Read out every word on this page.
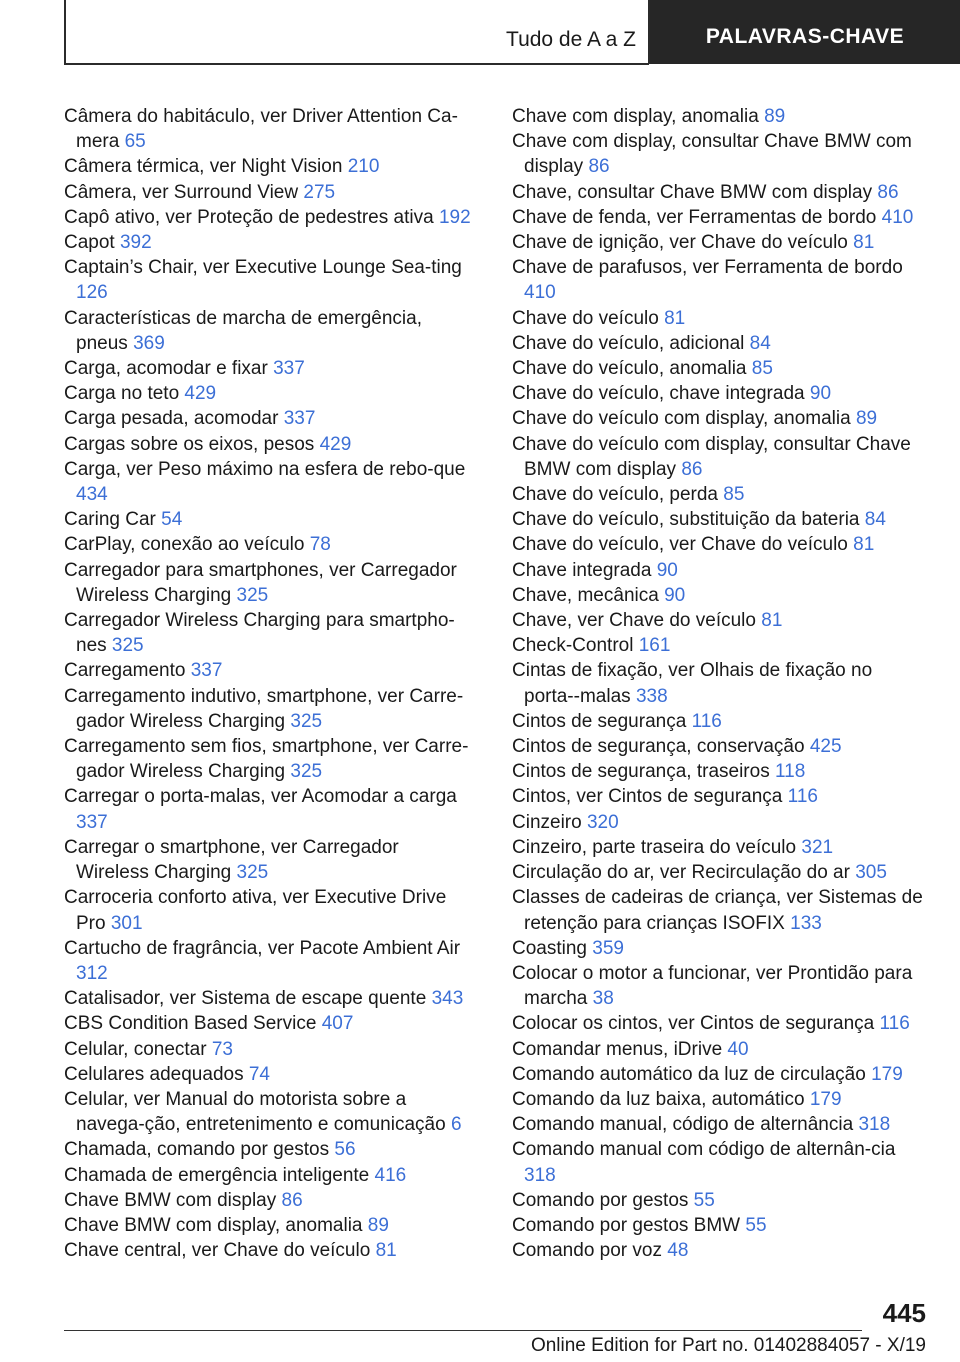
Tudo de A a Z	PALAVRAS-CHAVE
Câmera do habitáculo, ver Driver Attention Ca-mera 65
Câmera térmica, ver Night Vision 210
Câmera, ver Surround View 275
Capô ativo, ver Proteção de pedestres ativa 192
Capot 392
Captain’s Chair, ver Executive Lounge Sea-ting 126
Características de marcha de emergência, pneus 369
Carga, acomodar e fixar 337
Carga no teto 429
Carga pesada, acomodar 337
Cargas sobre os eixos, pesos 429
Carga, ver Peso máximo na esfera de rebo-que 434
Caring Car 54
CarPlay, conexão ao veículo 78
Carregador para smartphones, ver Carregador Wireless Charging 325
Carregador Wireless Charging para smartpho-nes 325
Carregamento 337
Carregamento indutivo, smartphone, ver Carre-gador Wireless Charging 325
Carregamento sem fios, smartphone, ver Carre-gador Wireless Charging 325
Carregar o porta-malas, ver Acomodar a carga 337
Carregar o smartphone, ver Carregador Wireless Charging 325
Carroceria conforto ativa, ver Executive Drive Pro 301
Cartucho de fragrância, ver Pacote Ambient Air 312
Catalisador, ver Sistema de escape quente 343
CBS Condition Based Service 407
Celular, conectar 73
Celulares adequados 74
Celular, ver Manual do motorista sobre a navega-ção, entretenimento e comunicação 6
Chamada, comando por gestos 56
Chamada de emergência inteligente 416
Chave BMW com display 86
Chave BMW com display, anomalia 89
Chave central, ver Chave do veículo 81
Chave com display, anomalia 89
Chave com display, consultar Chave BMW com display 86
Chave, consultar Chave BMW com display 86
Chave de fenda, ver Ferramentas de bordo 410
Chave de ignição, ver Chave do veículo 81
Chave de parafusos, ver Ferramenta de bordo 410
Chave do veículo 81
Chave do veículo, adicional 84
Chave do veículo, anomalia 85
Chave do veículo, chave integrada 90
Chave do veículo com display, anomalia 89
Chave do veículo com display, consultar Chave BMW com display 86
Chave do veículo, perda 85
Chave do veículo, substituição da bateria 84
Chave do veículo, ver Chave do veículo 81
Chave integrada 90
Chave, mecânica 90
Chave, ver Chave do veículo 81
Check-Control 161
Cintas de fixação, ver Olhais de fixação no porta--malas 338
Cintos de segurança 116
Cintos de segurança, conservação 425
Cintos de segurança, traseiros 118
Cintos, ver Cintos de segurança 116
Cinzeiro 320
Cinzeiro, parte traseira do veículo 321
Circulação do ar, ver Recirculação do ar 305
Classes de cadeiras de criança, ver Sistemas de retenção para crianças ISOFIX 133
Coasting 359
Colocar o motor a funcionar, ver Prontidão para marcha 38
Colocar os cintos, ver Cintos de segurança 116
Comandar menus, iDrive 40
Comando automático da luz de circulação 179
Comando da luz baixa, automático 179
Comando manual, código de alternância 318
Comando manual com código de alternân-cia 318
Comando por gestos 55
Comando por gestos BMW 55
Comando por voz 48
445
Online Edition for Part no. 01402884057 - X/19
